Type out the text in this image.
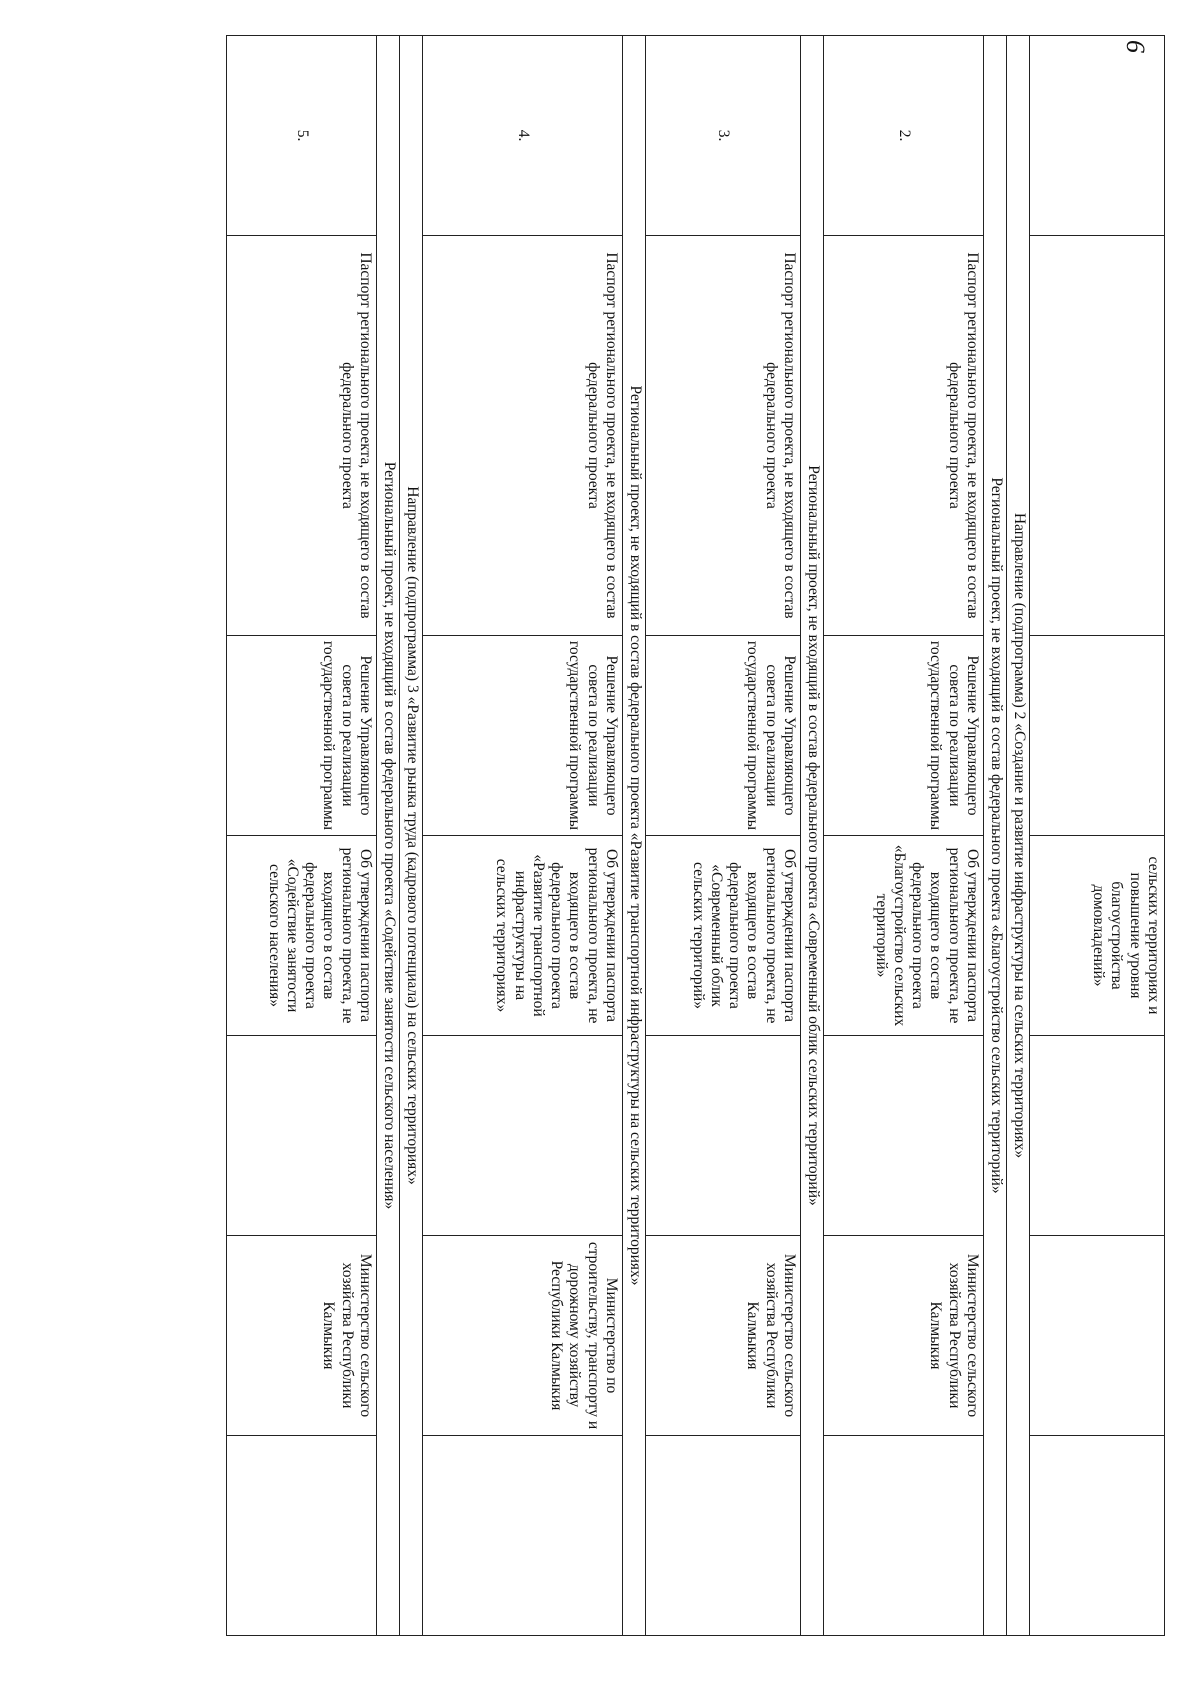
6
			сельских территориях и повышение уровня благоустройства домовладений»			
Направление (подпрограмма) 2 «Создание и развитие инфраструктуры на сельских территориях»						
Региональный проект, не входящий в состав федерального проекта «Благоустройство сельских территорий»						
2.	Паспорт регионального проекта, не входящего в состав федерального проекта	Решение Управляющего совета по реализации государственной программы	Об утверждении паспорта регионального проекта, не входящего в состав федерального проекта «Благоустройство сельских территорий»		Министерство сельского хозяйства Республики Калмыкия	
Региональный проект, не входящий в состав федерального проекта «Современный облик сельских территорий»						
3.	Паспорт регионального проекта, не входящего в состав федерального проекта	Решение Управляющего совета по реализации государственной программы	Об утверждении паспорта регионального проекта, не входящего в состав федерального проекта «Современный облик сельских территорий»		Министерство сельского хозяйства Республики Калмыкия	
Региональный проект, не входящий в состав федерального проекта «Развитие транспортной инфраструктуры на сельских территориях»						
4.	Паспорт регионального проекта, не входящего в состав федерального проекта	Решение Управляющего совета по реализации государственной программы	Об утверждении паспорта регионального проекта, не входящего в состав федерального проекта «Развитие транспортной инфраструктуры на сельских территориях»		Министерство по строительству, транспорту и дорожному хозяйству Республики Калмыкия	
Направление (подпрограмма) 3 «Развитие рынка труда (кадрового потенциала) на сельских территориях»						
Региональный проект, не входящий в состав федерального проекта «Содействие занятости сельского населения»						
5.	Паспорт регионального проекта, не входящего в состав федерального проекта	Решение Управляющего совета по реализации государственной программы	Об утверждении паспорта регионального проекта, не входящего в состав федерального проекта «Содействие занятости сельского населения»		Министерство сельского хозяйства Республики Калмыкия	
